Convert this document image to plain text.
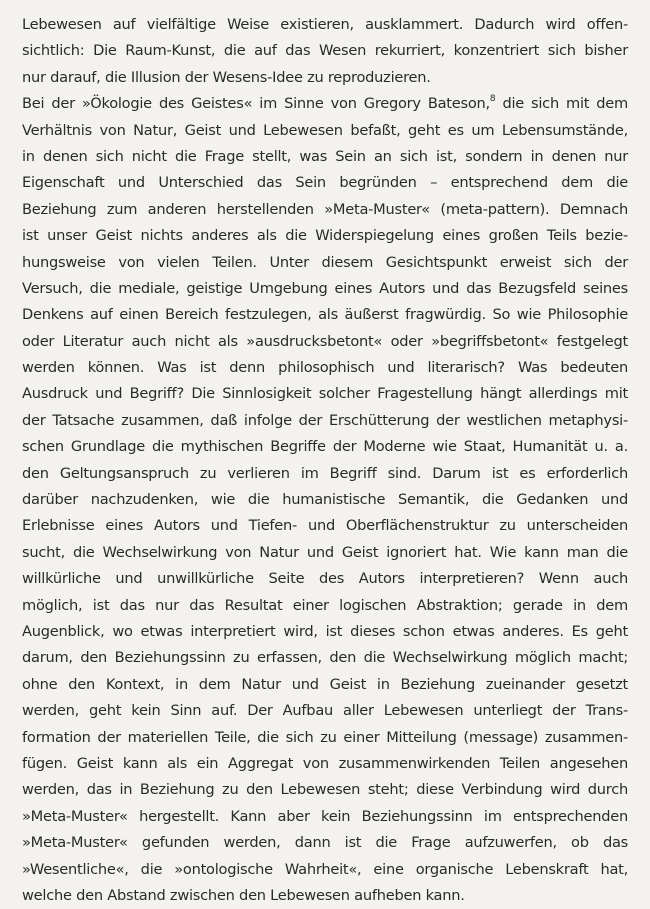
Lebewesen auf vielfältige Weise existieren, ausklammert. Dadurch wird offen-
sichtlich: Die Raum-Kunst, die auf das Wesen rekurriert, konzentriert sich bisher
nur darauf, die Illusion der Wesens-Idee zu reproduzieren.
Bei der »Ökologie des Geistes« im Sinne von Gregory Bateson,$^8$ die sich mit dem
Verhältnis von Natur, Geist und Lebewesen befaßt, geht es um Lebensumstände,
in denen sich nicht die Frage stellt, was Sein an sich ist, sondern in denen nur
Eigenschaft und Unterschied das Sein begründen – entsprechend dem die
Beziehung zum anderen herstellenden »Meta-Muster« (meta-pattern). Demnach
ist unser Geist nichts anderes als die Widerspiegelung eines großen Teils bezie-
hungsweise von vielen Teilen. Unter diesem Gesichtspunkt erweist sich der
Versuch, die mediale, geistige Umgebung eines Autors und das Bezugsfeld seines
Denkens auf einen Bereich festzulegen, als äußerst fragwürdig. So wie Philosophie
oder Literatur auch nicht als »ausdrucksbetont« oder »begriffsbetont« festgelegt
werden können. Was ist denn philosophisch und literarisch? Was bedeuten
Ausdruck und Begriff? Die Sinnlosigkeit solcher Fragestellung hängt allerdings mit
der Tatsache zusammen, daß infolge der Erschütterung der westlichen metaphysi-
schen Grundlage die mythischen Begriffe der Moderne wie Staat, Humanität u. a.
den Geltungsanspruch zu verlieren im Begriff sind. Darum ist es erforderlich
darüber nachzudenken, wie die humanistische Semantik, die Gedanken und
Erlebnisse eines Autors und Tiefen- und Oberflächenstruktur zu unterscheiden
sucht, die Wechselwirkung von Natur und Geist ignoriert hat. Wie kann man die
willkürliche und unwillkürliche Seite des Autors interpretieren? Wenn auch
möglich, ist das nur das Resultat einer logischen Abstraktion; gerade in dem
Augenblick, wo etwas interpretiert wird, ist dieses schon etwas anderes. Es geht
darum, den Beziehungssinn zu erfassen, den die Wechselwirkung möglich macht;
ohne den Kontext, in dem Natur und Geist in Beziehung zueinander gesetzt
werden, geht kein Sinn auf. Der Aufbau aller Lebewesen unterliegt der Trans-
formation der materiellen Teile, die sich zu einer Mitteilung (message) zusammen-
fügen. Geist kann als ein Aggregat von zusammenwirkenden Teilen angesehen
werden, das in Beziehung zu den Lebewesen steht; diese Verbindung wird durch
»Meta-Muster« hergestellt. Kann aber kein Beziehungssinn im entsprechenden
»Meta-Muster« gefunden werden, dann ist die Frage aufzuwerfen, ob das
»Wesentliche«, die »ontologische Wahrheit«, eine organische Lebenskraft hat,
welche den Abstand zwischen den Lebewesen aufheben kann.
